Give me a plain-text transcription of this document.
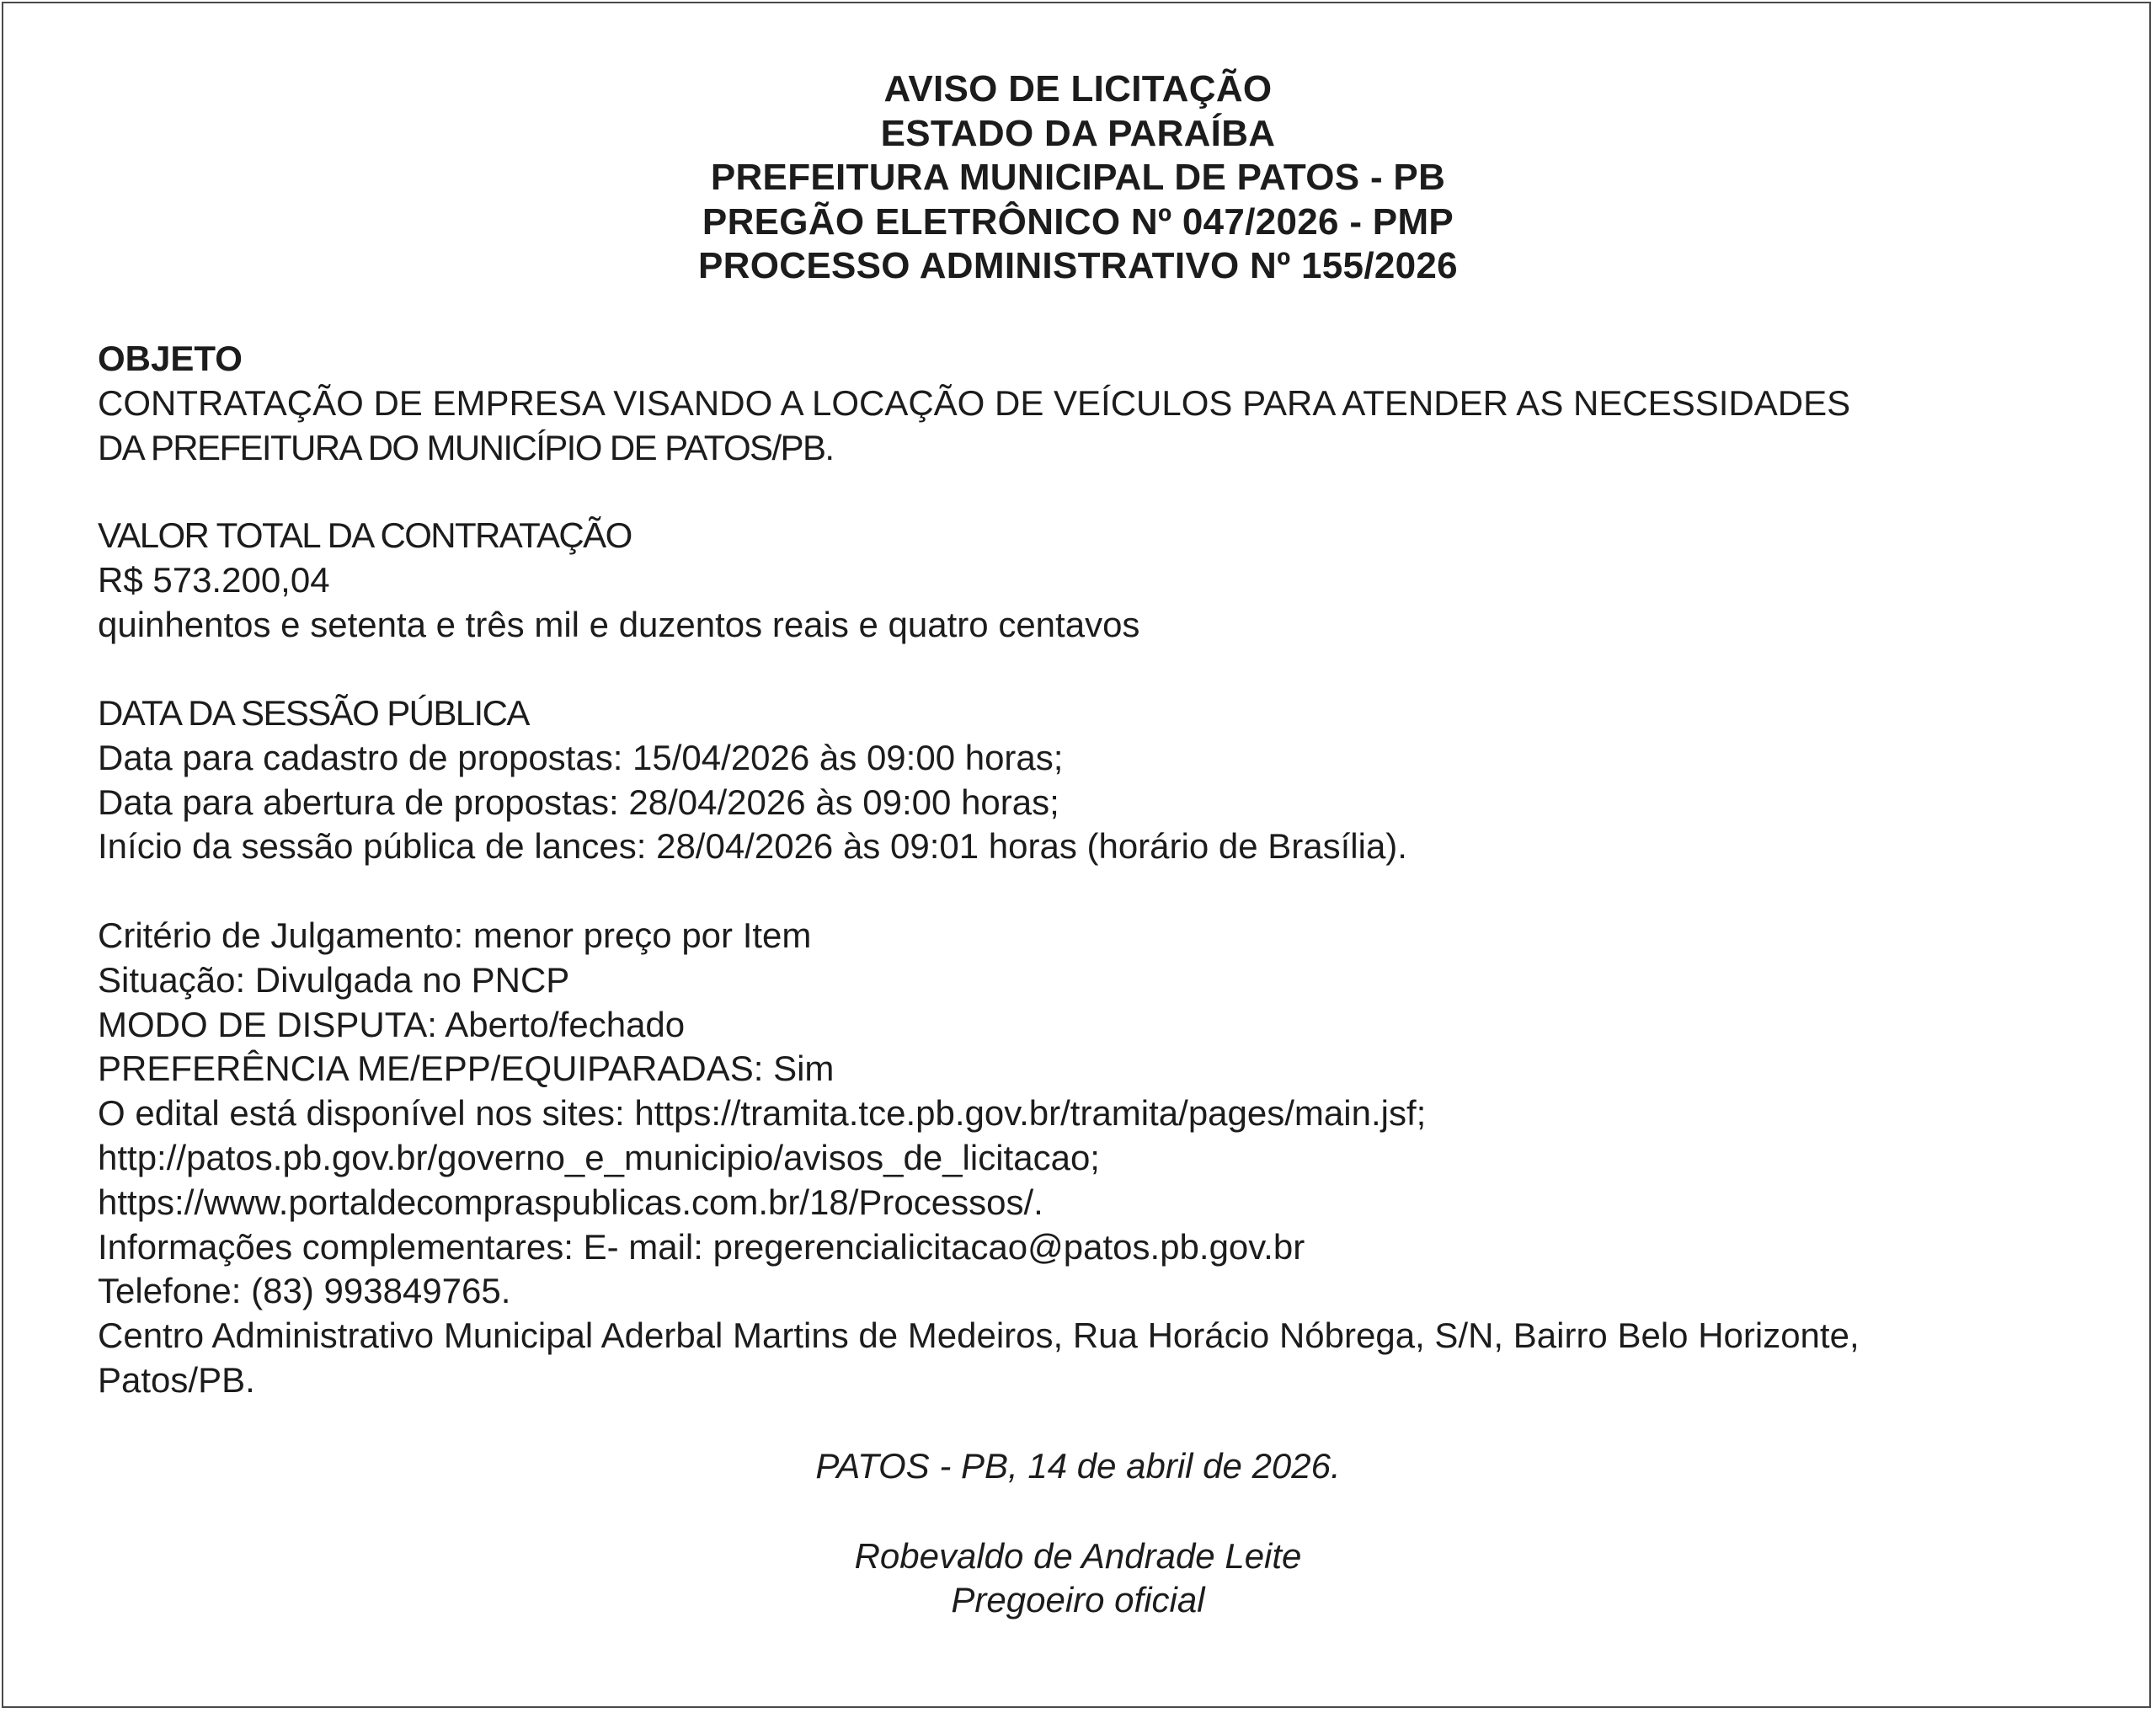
AVISO DE LICITAÇÃO
ESTADO DA PARAÍBA
PREFEITURA MUNICIPAL DE PATOS - PB
PREGÃO ELETRÔNICO Nº 047/2026 - PMP
PROCESSO ADMINISTRATIVO Nº 155/2026
OBJETO
CONTRATAÇÃO DE EMPRESA VISANDO A LOCAÇÃO DE VEÍCULOS PARA ATENDER AS NECESSIDADES
DA PREFEITURA DO MUNICÍPIO DE PATOS/PB.
VALOR TOTAL DA CONTRATAÇÃO
R$ 573.200,04
quinhentos e setenta e três mil e duzentos reais e quatro centavos
DATA DA SESSÃO PÚBLICA
Data para cadastro de propostas: 15/04/2026 às 09:00 horas;
Data para abertura de propostas: 28/04/2026 às 09:00 horas;
Início da sessão pública de lances: 28/04/2026 às 09:01 horas (horário de Brasília).
Critério de Julgamento: menor preço por Item
Situação: Divulgada no PNCP
MODO DE DISPUTA: Aberto/fechado
PREFERÊNCIA ME/EPP/EQUIPARADAS: Sim
O edital está disponível nos sites: https://tramita.tce.pb.gov.br/tramita/pages/main.jsf;
http://patos.pb.gov.br/governo_e_municipio/avisos_de_licitacao;
https://www.portaldecompraspublicas.com.br/18/Processos/.
Informações complementares: E- mail: pregerencialicitacao@patos.pb.gov.br
Telefone: (83) 993849765.
Centro Administrativo Municipal Aderbal Martins de Medeiros, Rua Horácio Nóbrega, S/N, Bairro Belo Horizonte,
Patos/PB.
PATOS - PB, 14 de abril de 2026.
Robevaldo de Andrade Leite
Pregoeiro oficial
